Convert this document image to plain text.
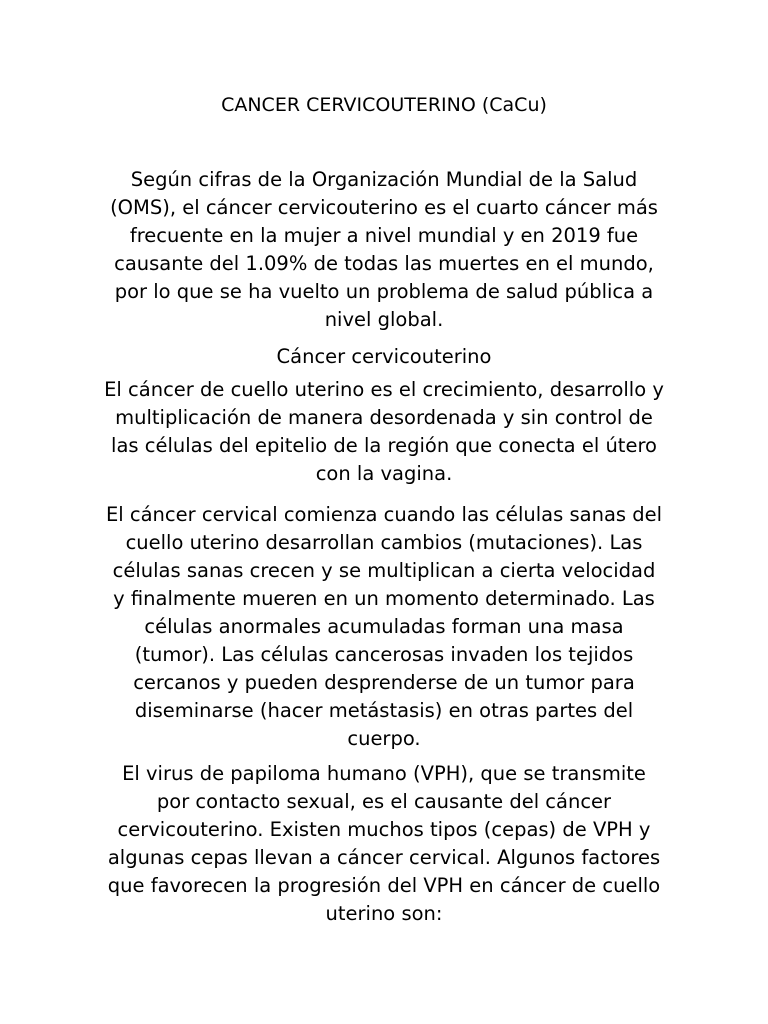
CANCER CERVICOUTERINO (CaCu)

Según cifras de la Organización Mundial de la Salud (OMS), el cáncer cervicouterino es el cuarto cáncer más frecuente en la mujer a nivel mundial y en 2019 fue causante del 1.09% de todas las muertes en el mundo, por lo que se ha vuelto un problema de salud pública a nivel global.

Cáncer cervicouterino

El cáncer de cuello uterino es el crecimiento, desarrollo y multiplicación de manera desordenada y sin control de las células del epitelio de la región que conecta el útero con la vagina.

El cáncer cervical comienza cuando las células sanas del cuello uterino desarrollan cambios (mutaciones). Las células sanas crecen y se multiplican a cierta velocidad y finalmente mueren en un momento determinado. Las células anormales acumuladas forman una masa (tumor). Las células cancerosas invaden los tejidos cercanos y pueden desprenderse de un tumor para diseminarse (hacer metástasis) en otras partes del cuerpo.

El virus de papiloma humano (VPH), que se transmite por contacto sexual, es el causante del cáncer cervicouterino. Existen muchos tipos (cepas) de VPH y algunas cepas llevan a cáncer cervical. Algunos factores que favorecen la progresión del VPH en cáncer de cuello uterino son:
